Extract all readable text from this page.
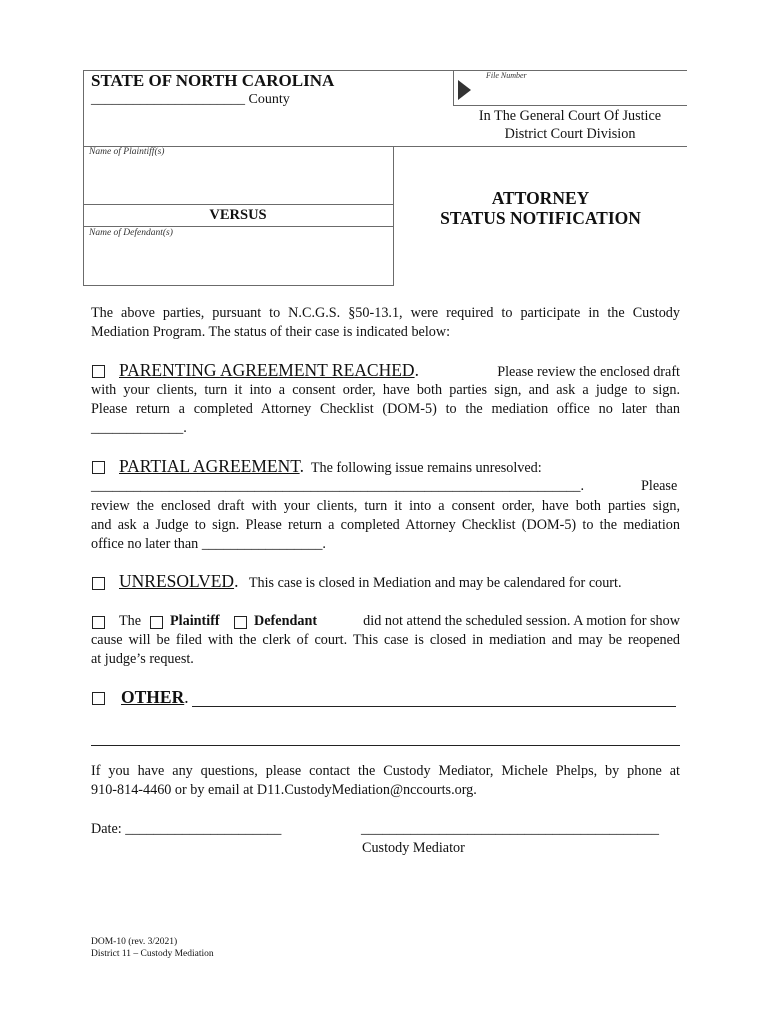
STATE OF NORTH CAROLINA
______________________ County
File Number
In The General Court Of Justice
District Court Division
Name of Plaintiff(s)
VERSUS
Name of Defendant(s)
ATTORNEY
STATUS NOTIFICATION
The above parties, pursuant to N.C.G.S. §50-13.1, were required to participate in the Custody
Mediation Program. The status of their case is indicated below:
PARENTING AGREEMENT REACHED.	Please review the enclosed draft
with your clients, turn it into a consent order, have both parties sign, and ask a judge to sign.
Please return a completed Attorney Checklist (DOM-5) to the mediation office no later than
_____________.
PARTIAL AGREEMENT. The following issue remains unresolved:
_____________________________________________________________________.	Please
review the enclosed draft with your clients, turn it into a consent order, have both parties sign,
and ask a Judge to sign. Please return a completed Attorney Checklist (DOM-5) to the mediation
office no later than _________________.
UNRESOLVED. This case is closed in Mediation and may be calendared for court.
The Plaintiff Defendant	did not attend the scheduled session. A motion for show
cause will be filed with the clerk of court. This case is closed in mediation and may be reopened
at judge’s request.
OTHER.
If you have any questions, please contact the Custody Mediator, Michele Phelps, by phone at
910-814-4460 or by email at D11.CustodyMediation@nccourts.org.
Date: ______________________	__________________________________________
Custody Mediator
DOM-10 (rev. 3/2021)
District 11 – Custody Mediation
